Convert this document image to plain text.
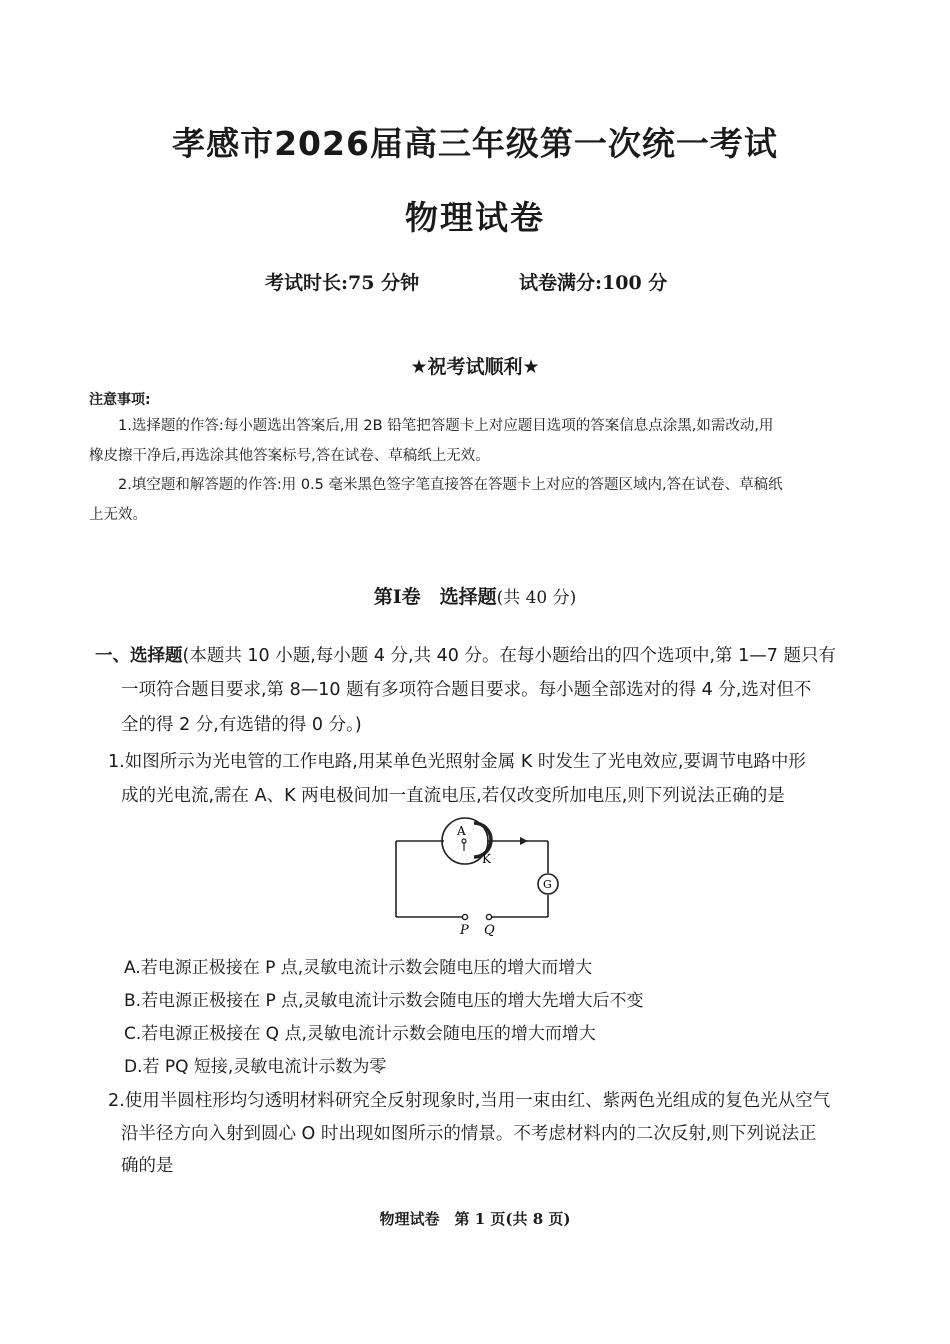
孝感市2026届高三年级第一次统一考试
物理试卷
考试时长:75 分钟	试卷满分:100 分
★祝考试顺利★
注意事项:
1.选择题的作答:每小题选出答案后,用 2B 铅笔把答题卡上对应题目选项的答案信息点涂黑,如需改动,用
橡皮擦干净后,再选涂其他答案标号,答在试卷、草稿纸上无效。
2.填空题和解答题的作答:用 0.5 毫米黑色签字笔直接答在答题卡上对应的答题区域内,答在试卷、草稿纸
上无效。
第Ⅰ卷　选择题(共 40 分)
一、选择题(本题共 10 小题,每小题 4 分,共 40 分。在每小题给出的四个选项中,第 1—7 题只有
一项符合题目要求,第 8—10 题有多项符合题目要求。每小题全部选对的得 4 分,选对但不
全的得 2 分,有选错的得 0 分。)
1.如图所示为光电管的工作电路,用某单色光照射金属 K 时发生了光电效应,要调节电路中形
成的光电流,需在 A、K 两电极间加一直流电压,若仅改变所加电压,则下列说法正确的是
A
K
G
P Q
A.若电源正极接在 P 点,灵敏电流计示数会随电压的增大而增大
B.若电源正极接在 P 点,灵敏电流计示数会随电压的增大先增大后不变
C.若电源正极接在 Q 点,灵敏电流计示数会随电压的增大而增大
D.若 PQ 短接,灵敏电流计示数为零
2.使用半圆柱形均匀透明材料研究全反射现象时,当用一束由红、紫两色光组成的复色光从空气
沿半径方向入射到圆心 O 时出现如图所示的情景。不考虑材料内的二次反射,则下列说法正
确的是
物理试卷　第 1 页(共 8 页)
